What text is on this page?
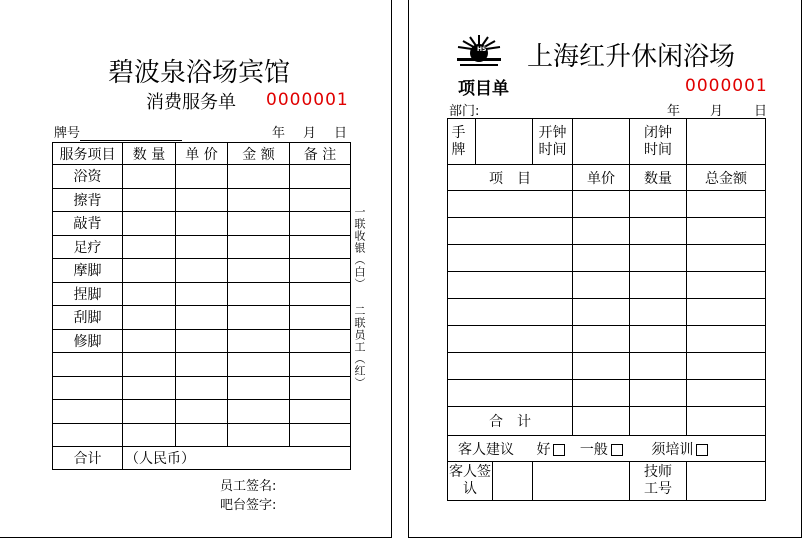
碧波泉浴场宾馆
消费服务单 0000001
牌号	年 月 日
服务项目	数 量	单 价	金 额	备 注
浴资				
擦背				
敲背				
足疗				
摩脚				
捏脚				
刮脚				
修脚				

合计	（人民币）			
员工签名:
吧台签字:
一联收银（白）
二联员工（红）
HS 上海红升休闲浴场
项目单	0000001
部门:	年 月 日
手牌		开钟时间		闭钟时间	

项　目			单价	数量	总金额

合　计					
客人建议 好 一般 须培训					

客人签认				技师工号	
